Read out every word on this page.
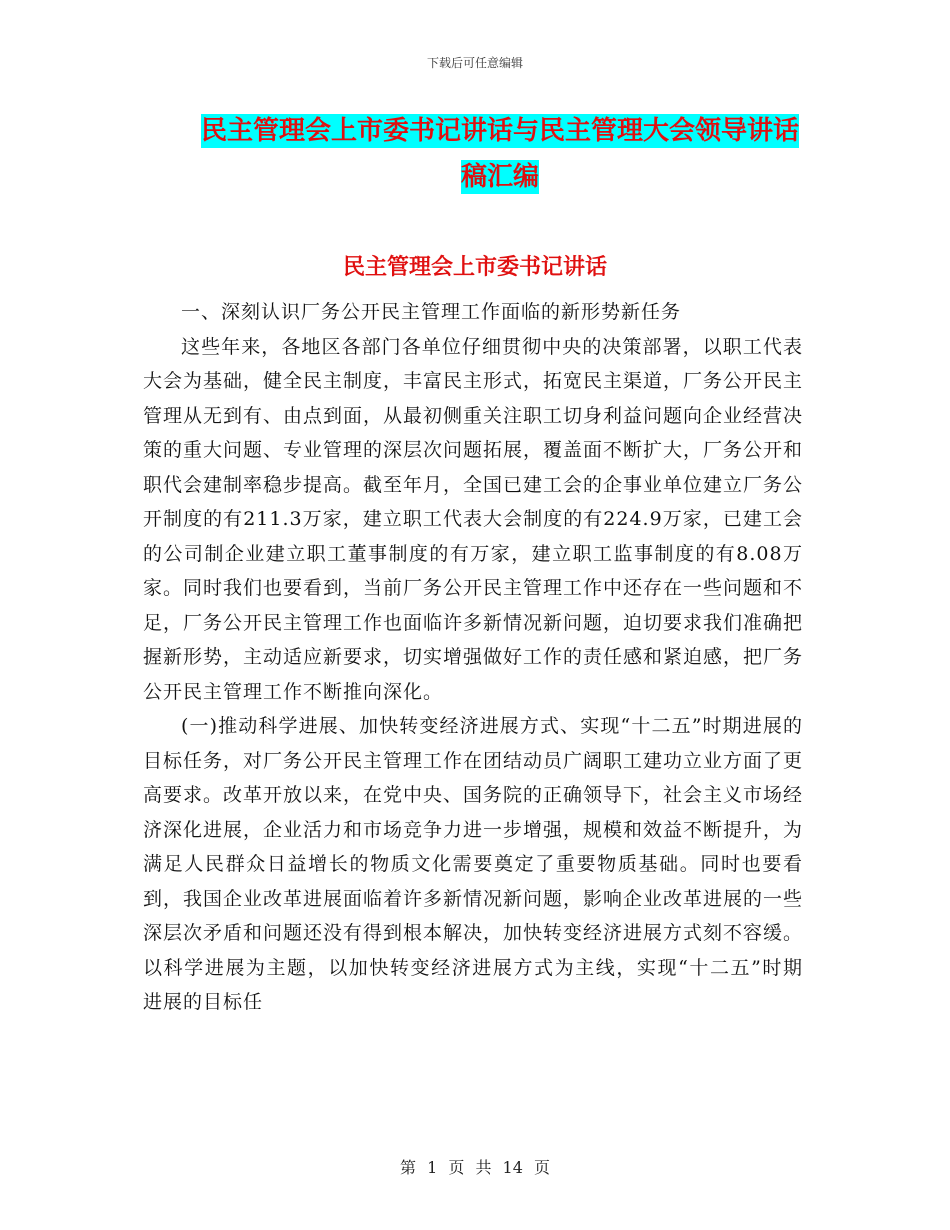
下载后可任意编辑
民主管理会上市委书记讲话与民主管理大会领导讲话
稿汇编
民主管理会上市委书记讲话

一、深刻认识厂务公开民主管理工作面临的新形势新任务

这些年来，各地区各部门各单位仔细贯彻中央的决策部署，以职工代表大会为基础，健全民主制度，丰富民主形式，拓宽民主渠道，厂务公开民主管理从无到有、由点到面，从最初侧重关注职工切身利益问题向企业经营决策的重大问题、专业管理的深层次问题拓展，覆盖面不断扩大，厂务公开和职代会建制率稳步提高。截至年月，全国已建工会的企事业单位建立厂务公开制度的有211.3万家，建立职工代表大会制度的有224.9万家，已建工会的公司制企业建立职工董事制度的有万家，建立职工监事制度的有8.08万家。同时我们也要看到，当前厂务公开民主管理工作中还存在一些问题和不足，厂务公开民主管理工作也面临许多新情况新问题，迫切要求我们准确把握新形势，主动适应新要求，切实增强做好工作的责任感和紧迫感，把厂务公开民主管理工作不断推向深化。

(一)推动科学进展、加快转变经济进展方式、实现“十二五”时期进展的目标任务，对厂务公开民主管理工作在团结动员广阔职工建功立业方面了更高要求。改革开放以来，在党中央、国务院的正确领导下，社会主义市场经济深化进展，企业活力和市场竞争力进一步增强，规模和效益不断提升，为满足人民群众日益增长的物质文化需要奠定了重要物质基础。同时也要看到，我国企业改革进展面临着许多新情况新问题，影响企业改革进展的一些深层次矛盾和问题还没有得到根本解决，加快转变经济进展方式刻不容缓。以科学进展为主题，以加快转变经济进展方式为主线，实现“十二五”时期进展的目标任

第 1 页 共 14 页
